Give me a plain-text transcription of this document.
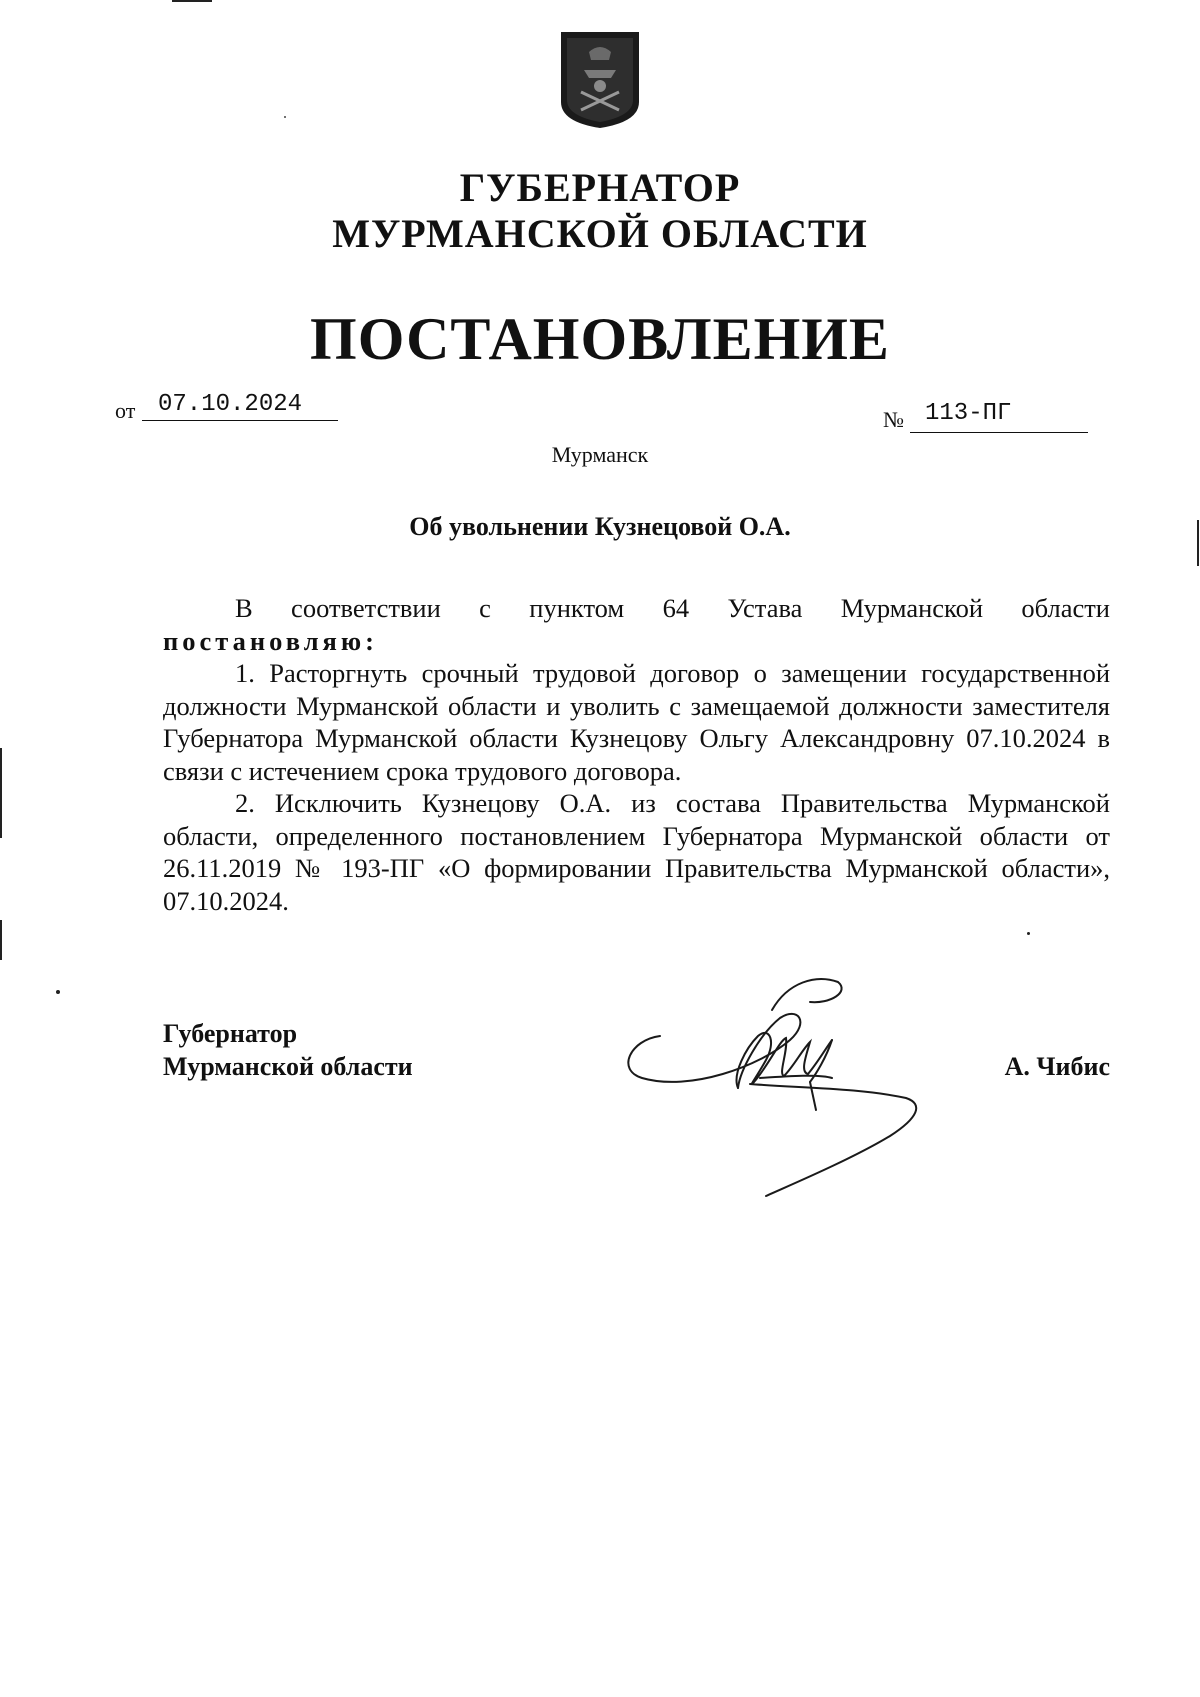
ГУБЕРНАТОР
МУРМАНСКОЙ ОБЛАСТИ
ПОСТАНОВЛЕНИЕ
от 07.10.2024
№ 113-ПГ
Мурманск
Об увольнении Кузнецовой О.А.

В соответствии с пунктом 64 Устава Мурманской области

постановляю:

1. Расторгнуть срочный трудовой договор о замещении государственной должности Мурманской области и уволить с замещаемой должности заместителя Губернатора Мурманской области Кузнецову Ольгу Александровну 07.10.2024 в связи с истечением срока трудового договора.

2. Исключить Кузнецову О.А. из состава Правительства Мурманской области, определенного постановлением Губернатора Мурманской области от 26.11.2019 № 193-ПГ «О формировании Правительства Мурманской области», 07.10.2024.

Губернатор
Мурманской области	А. Чибис
